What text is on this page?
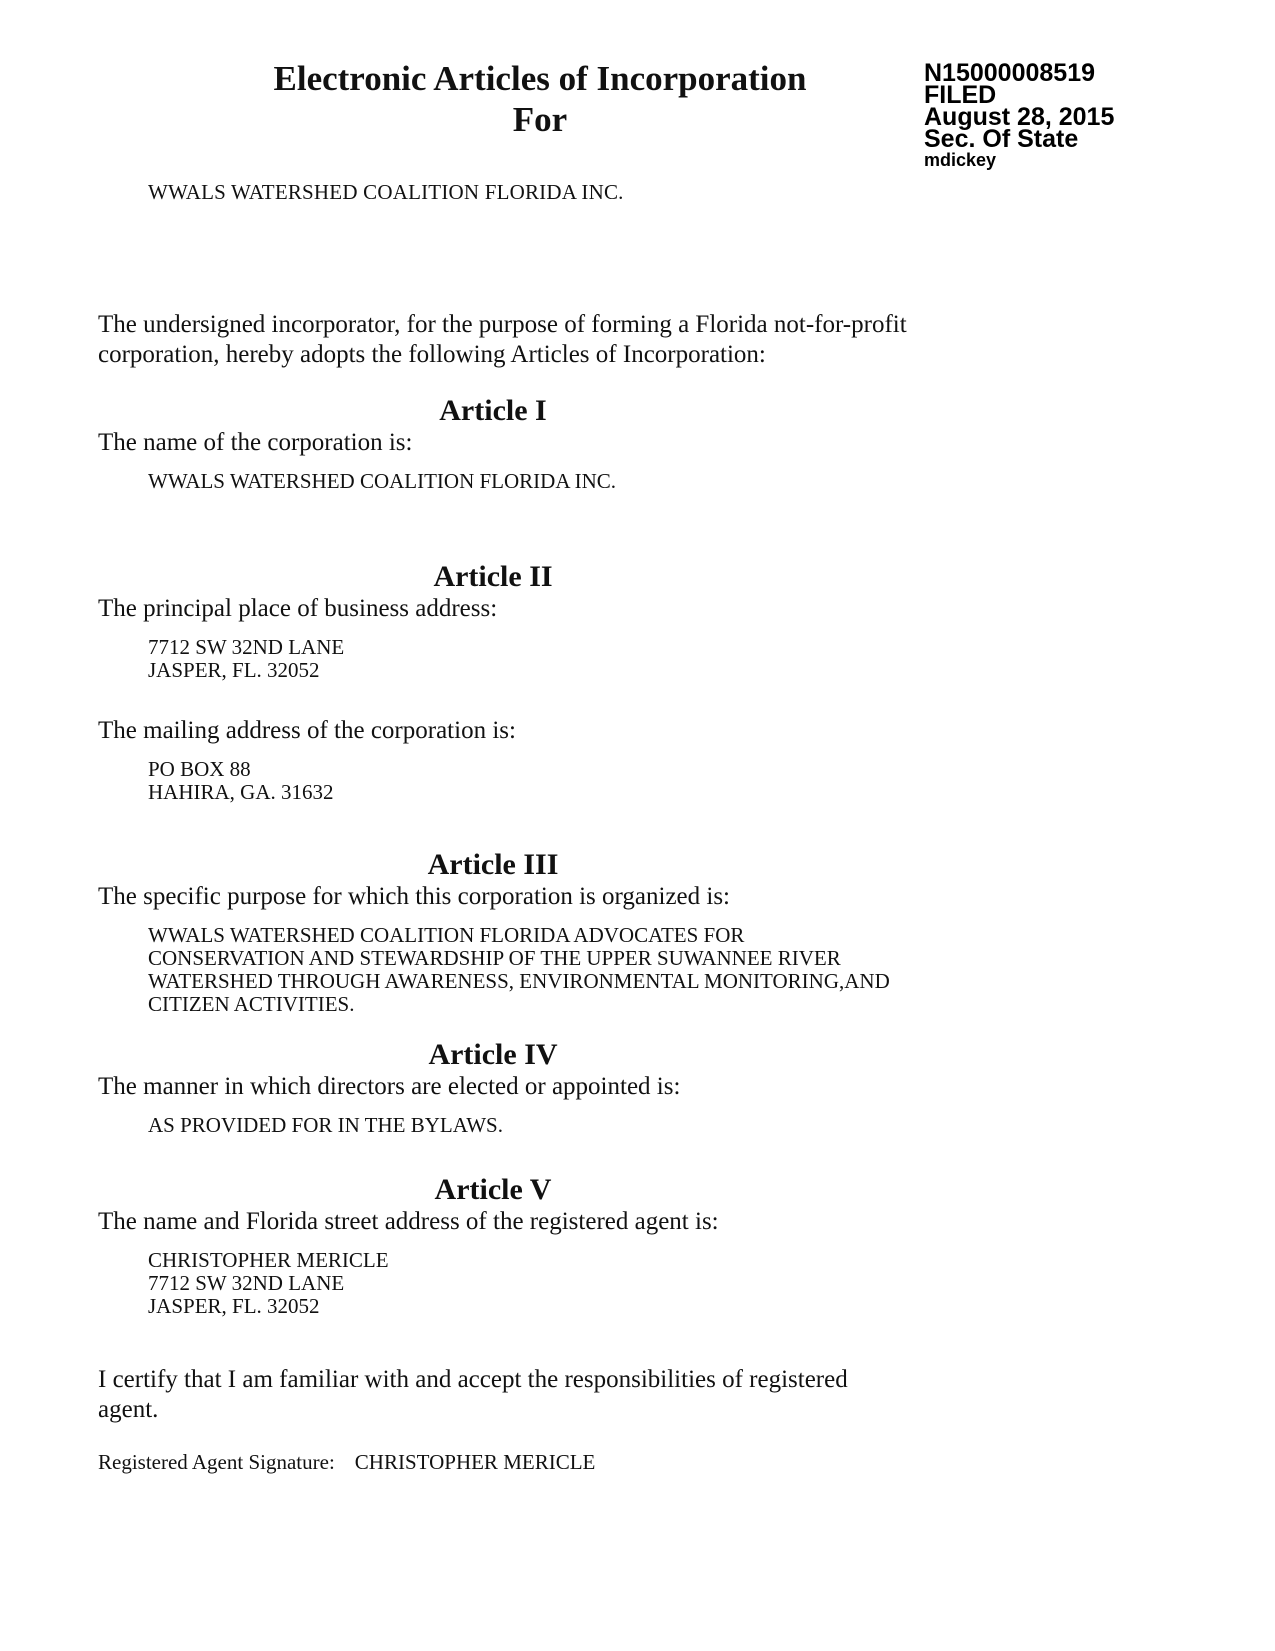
Electronic Articles of Incorporation
For
N15000008519
FILED
August 28, 2015
Sec. Of State
mdickey
WWALS WATERSHED COALITION FLORIDA INC.
The undersigned incorporator, for the purpose of forming a Florida not-for-profit corporation, hereby adopts the following Articles of Incorporation:
Article I
The name of the corporation is:
WWALS WATERSHED COALITION FLORIDA INC.
Article II
The principal place of business address:
7712 SW 32ND LANE
JASPER, FL. 32052
The mailing address of the corporation is:
PO BOX 88
HAHIRA, GA. 31632
Article III
The specific purpose for which this corporation is organized is:
WWALS WATERSHED COALITION FLORIDA ADVOCATES FOR
CONSERVATION AND STEWARDSHIP OF THE UPPER SUWANNEE RIVER
WATERSHED THROUGH AWARENESS, ENVIRONMENTAL MONITORING,AND
CITIZEN ACTIVITIES.
Article IV
The manner in which directors are elected or appointed is:
AS PROVIDED FOR IN THE BYLAWS.
Article V
The name and Florida street address of the registered agent is:
CHRISTOPHER MERICLE
7712 SW 32ND LANE
JASPER, FL. 32052
I certify that I am familiar with and accept the responsibilities of registered agent.
Registered Agent Signature: CHRISTOPHER MERICLE
